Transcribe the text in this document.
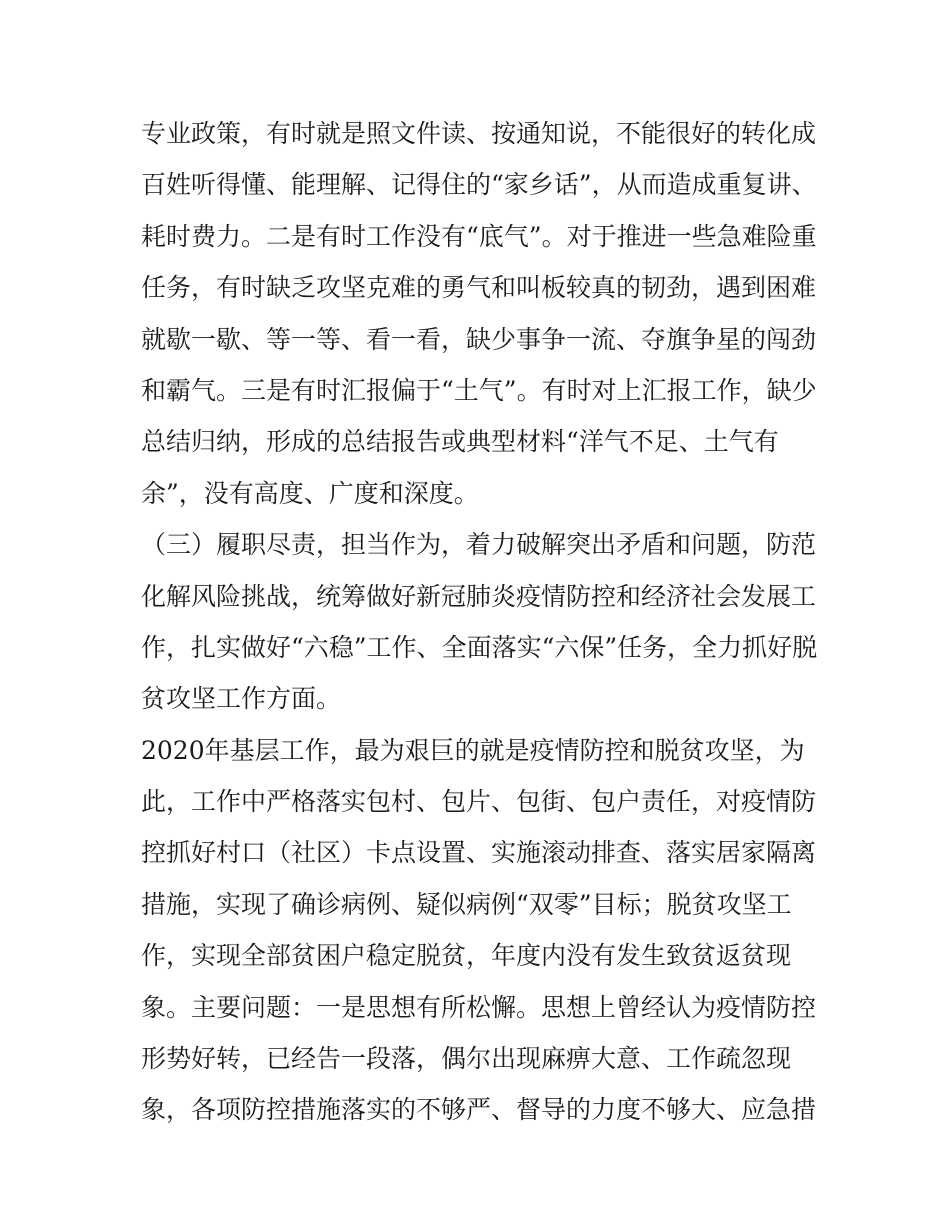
专业政策，有时就是照文件读、按通知说，不能很好的转化成
百姓听得懂、能理解、记得住的“家乡话”，从而造成重复讲、
耗时费力。二是有时工作没有“底气”。对于推进一些急难险重
任务，有时缺乏攻坚克难的勇气和叫板较真的韧劲，遇到困难
就歇一歇、等一等、看一看，缺少事争一流、夺旗争星的闯劲
和霸气。三是有时汇报偏于“土气”。有时对上汇报工作，缺少
总结归纳，形成的总结报告或典型材料“洋气不足、土气有
余”，没有高度、广度和深度。
（三）履职尽责，担当作为，着力破解突出矛盾和问题，防范
化解风险挑战，统筹做好新冠肺炎疫情防控和经济社会发展工
作，扎实做好“六稳”工作、全面落实“六保”任务，全力抓好脱
贫攻坚工作方面。
2020年基层工作，最为艰巨的就是疫情防控和脱贫攻坚，为
此，工作中严格落实包村、包片、包街、包户责任，对疫情防
控抓好村口（社区）卡点设置、实施滚动排查、落实居家隔离
措施，实现了确诊病例、疑似病例“双零”目标；脱贫攻坚工
作，实现全部贫困户稳定脱贫，年度内没有发生致贫返贫现
象。主要问题：一是思想有所松懈。思想上曾经认为疫情防控
形势好转，已经告一段落，偶尔出现麻痹大意、工作疏忽现
象，各项防控措施落实的不够严、督导的力度不够大、应急措
